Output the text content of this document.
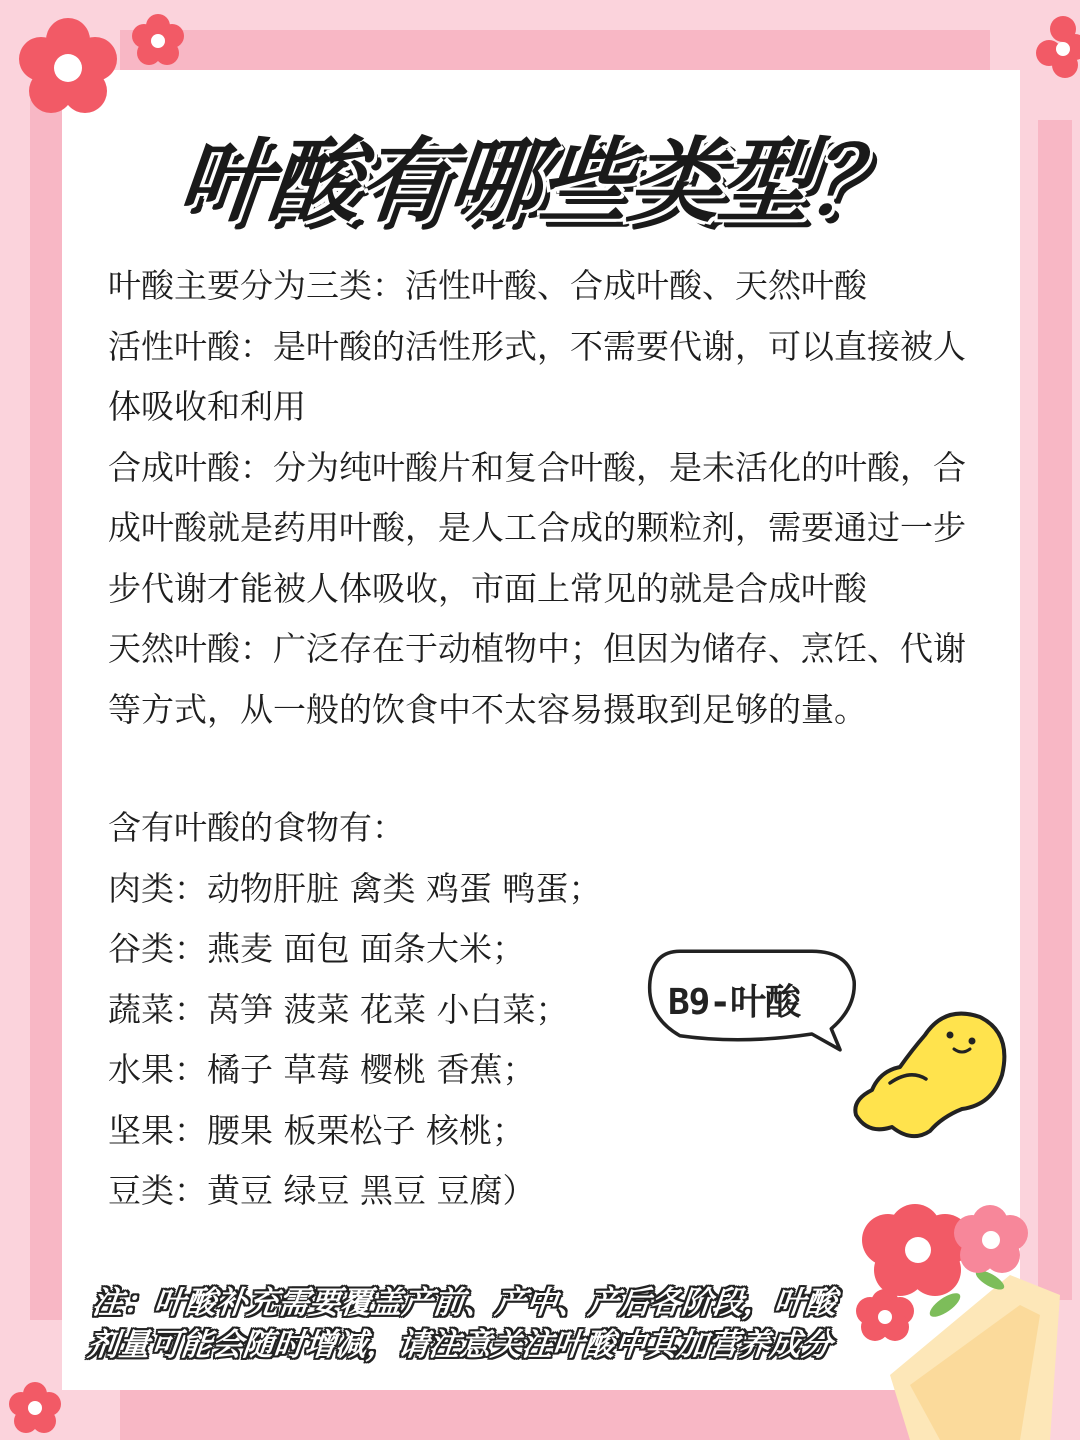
叶酸有哪些类型？
叶酸主要分为三类：活性叶酸、合成叶酸、天然叶酸
活性叶酸：是叶酸的活性形式，不需要代谢，可以直接被人
体吸收和利用
合成叶酸：分为纯叶酸片和复合叶酸，是未活化的叶酸，合
成叶酸就是药用叶酸，是人工合成的颗粒剂，需要通过一步
步代谢才能被人体吸收，市面上常见的就是合成叶酸
天然叶酸：广泛存在于动植物中；但因为储存、烹饪、代谢
等方式，从一般的饮食中不太容易摄取到足够的量。
含有叶酸的食物有：
肉类：动物肝脏 禽类 鸡蛋 鸭蛋；
谷类：燕麦 面包 面条大米；
蔬菜：莴笋 菠菜 花菜 小白菜；
水果：橘子 草莓 樱桃 香蕉；
坚果：腰果 板栗松子 核桃；
豆类：黄豆 绿豆 黑豆 豆腐）
B9-叶酸
注：叶酸补充需要覆盖产前、产中、产后各阶段，叶酸
剂量可能会随时增减，请注意关注叶酸中其加营养成分
